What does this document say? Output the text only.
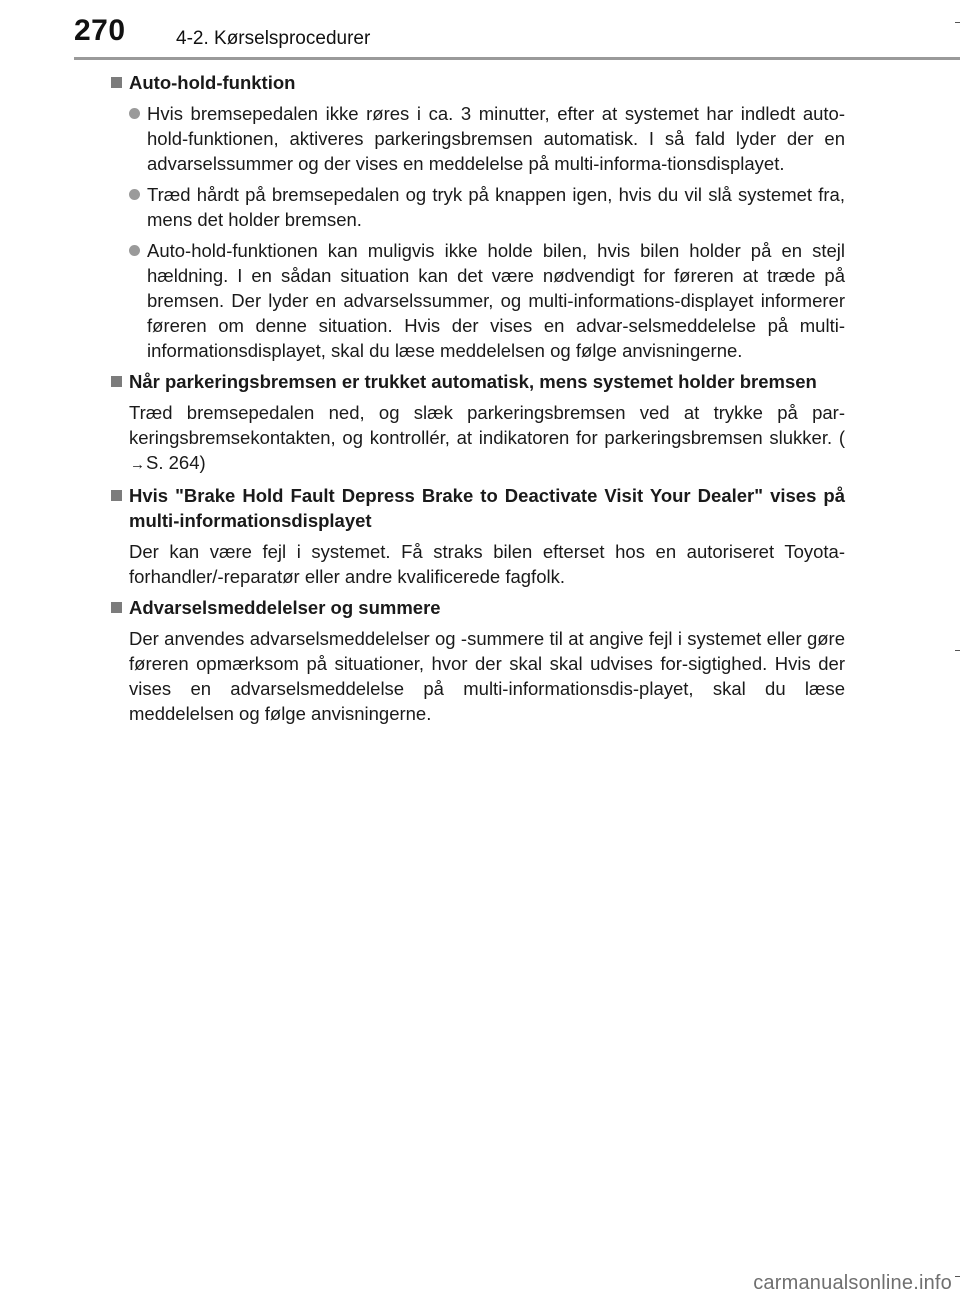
270	4-2. Kørselsprocedurer
Auto-hold-funktion
Hvis bremsepedalen ikke røres i ca. 3 minutter, efter at systemet har indledt auto-hold-funktionen, aktiveres parkeringsbremsen automatisk. I så fald lyder der en advarselssummer og der vises en meddelelse på multi-informa-tionsdisplayet.
Træd hårdt på bremsepedalen og tryk på knappen igen, hvis du vil slå systemet fra, mens det holder bremsen.
Auto-hold-funktionen kan muligvis ikke holde bilen, hvis bilen holder på en stejl hældning. I en sådan situation kan det være nødvendigt for føreren at træde på bremsen. Der lyder en advarselssummer, og multi-informations-displayet informerer føreren om denne situation. Hvis der vises en advar-selsmeddelelse på multi-informationsdisplayet, skal du læse meddelelsen og følge anvisningerne.
Når parkeringsbremsen er trukket automatisk, mens systemet holder bremsen
Træd bremsepedalen ned, og slæk parkeringsbremsen ved at trykke på par-keringsbremsekontakten, og kontrollér, at indikatoren for parkeringsbremsen slukker. (→S. 264)
Hvis "Brake Hold Fault Depress Brake to Deactivate Visit Your Dealer" vises på multi-informationsdisplayet
Der kan være fejl i systemet. Få straks bilen efterset hos en autoriseret Toyota-forhandler/-reparatør eller andre kvalificerede fagfolk.
Advarselsmeddelelser og summere
Der anvendes advarselsmeddelelser og -summere til at angive fejl i systemet eller gøre føreren opmærksom på situationer, hvor der skal skal udvises for-sigtighed. Hvis der vises en advarselsmeddelelse på multi-informationsdis-playet, skal du læse meddelelsen og følge anvisningerne.
carmanualsonline.info
